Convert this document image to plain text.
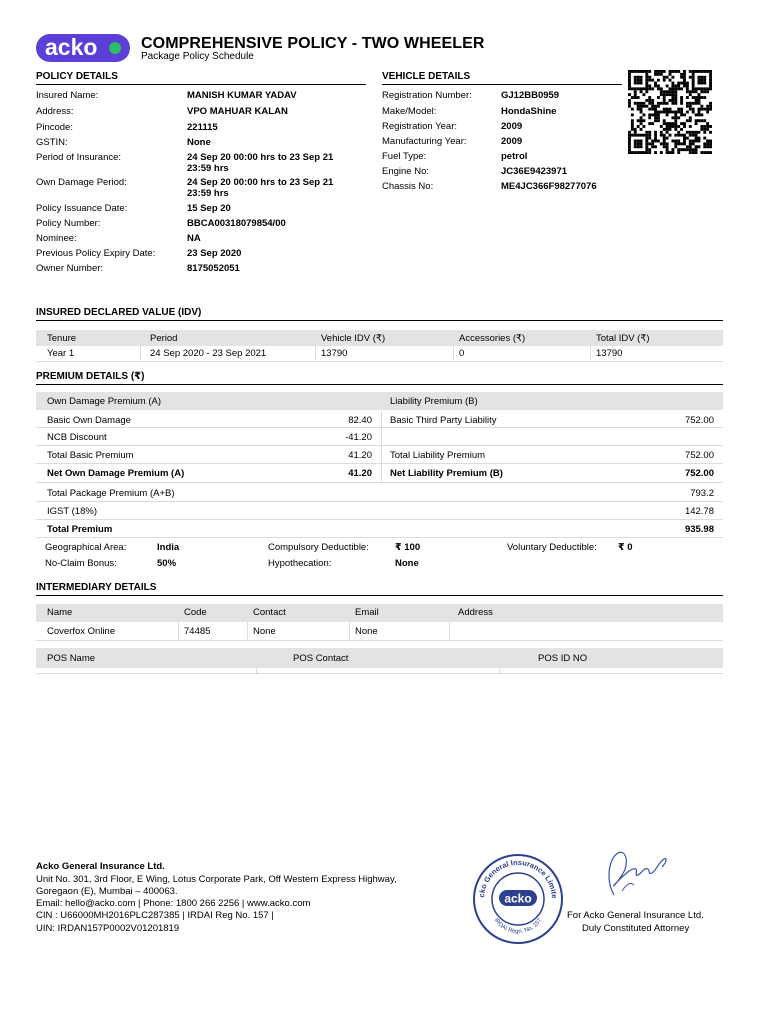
acko	COMPREHENSIVE POLICY - TWO WHEELER
Package Policy Schedule
POLICY DETAILS
Insured Name:	MANISH KUMAR YADAV
Address:	VPO MAHUAR KALAN
Pincode:	221115
GSTIN:	None
Period of Insurance:	24 Sep 20 00:00 hrs to 23 Sep 21 23:59 hrs
Own Damage Period:	24 Sep 20 00:00 hrs to 23 Sep 21 23:59 hrs
Policy Issuance Date:	15 Sep 20
Policy Number:	BBCA00318079854/00
Nominee:	NA
Previous Policy Expiry Date:	23 Sep 2020
Owner Number:	8175052051
VEHICLE DETAILS
Registration Number:	GJ12BB0959
Make/Model:	HondaShine
Registration Year:	2009
Manufacturing Year:	2009
Fuel Type:	petrol
Engine No:	JC36E9423971
Chassis No:	ME4JC366F98277076
INSURED DECLARED VALUE (IDV)
Tenure	Period	Vehicle IDV (₹)	Accessories (₹)	Total IDV (₹)
Year 1	24 Sep 2020 - 23 Sep 2021	13790	0	13790
PREMIUM DETAILS (₹)
Own Damage Premium (A)	Liability Premium (B)
Basic Own Damage	82.40
NCB Discount	-41.20
Total Basic Premium	41.20
Net Own Damage Premium (A)	41.20
Basic Third Party Liability	752.00
Total Liability Premium	752.00
Net Liability Premium (B)	752.00
Total Package Premium (A+B)	793.2
IGST (18%)	142.78
Total Premium	935.98
Geographical Area:	India	Compulsory Deductible:	₹ 100	Voluntary Deductible: ₹ 0
No-Claim Bonus:	50%	Hypothecation:	None
INTERMEDIARY DETAILS
Name	Code	Contact	Email	Address
Coverfox Online	74485	None	None
POS Name	POS Contact	POS ID NO
Acko General Insurance Ltd.
Unit No. 301, 3rd Floor, E Wing, Lotus Corporate Park, Off Western Express Highway,
Goregaon (E), Mumbai – 400063.
Email: hello@acko.com | Phone: 1800 266 2256 | www.acko.com
CIN : U66000MH2016PLC287385 | IRDAI Reg No. 157 |
UIN: IRDAN157P0002V01201819
cko General Insurance Limite
IRDAI Regn. No. 157
acko
For Acko General Insurance Ltd.
Duly Constituted Attorney
